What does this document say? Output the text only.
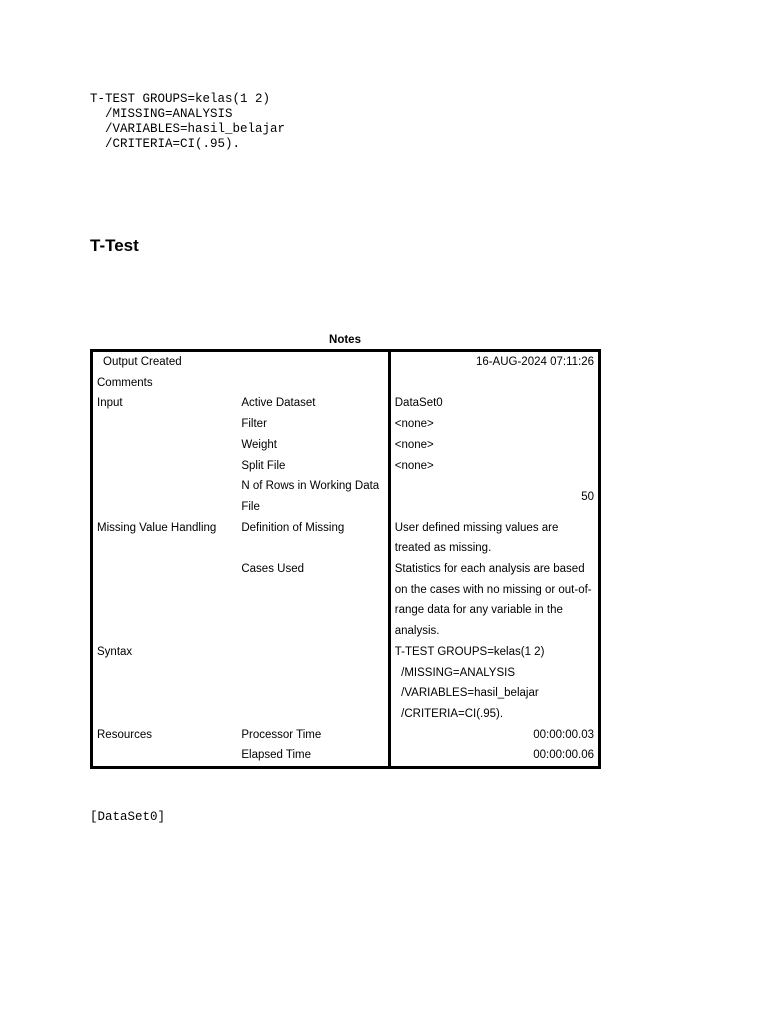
T-TEST GROUPS=kelas(1 2)
/MISSING=ANALYSIS
/VARIABLES=hasil_belajar
/CRITERIA=CI(.95).
T-Test
Notes
Output Created		16-AUG-2024 07:11:26
Comments		
Input	Active Dataset	DataSet0
	Filter	<none>
	Weight	<none>
	Split File	<none>
	N of Rows in Working Data File	50
Missing Value Handling	Definition of Missing	User defined missing values are treated as missing.
	Cases Used	Statistics for each analysis are based on the cases with no missing or out-of-range data for any variable in the analysis.
Syntax		T-TEST GROUPS=kelas(1 2)
/MISSING=ANALYSIS
/VARIABLES=hasil_belajar
/CRITERIA=CI(.95).

Resources	Processor Time	00:00:00.03
	Elapsed Time	00:00:00.06
[DataSet0]
